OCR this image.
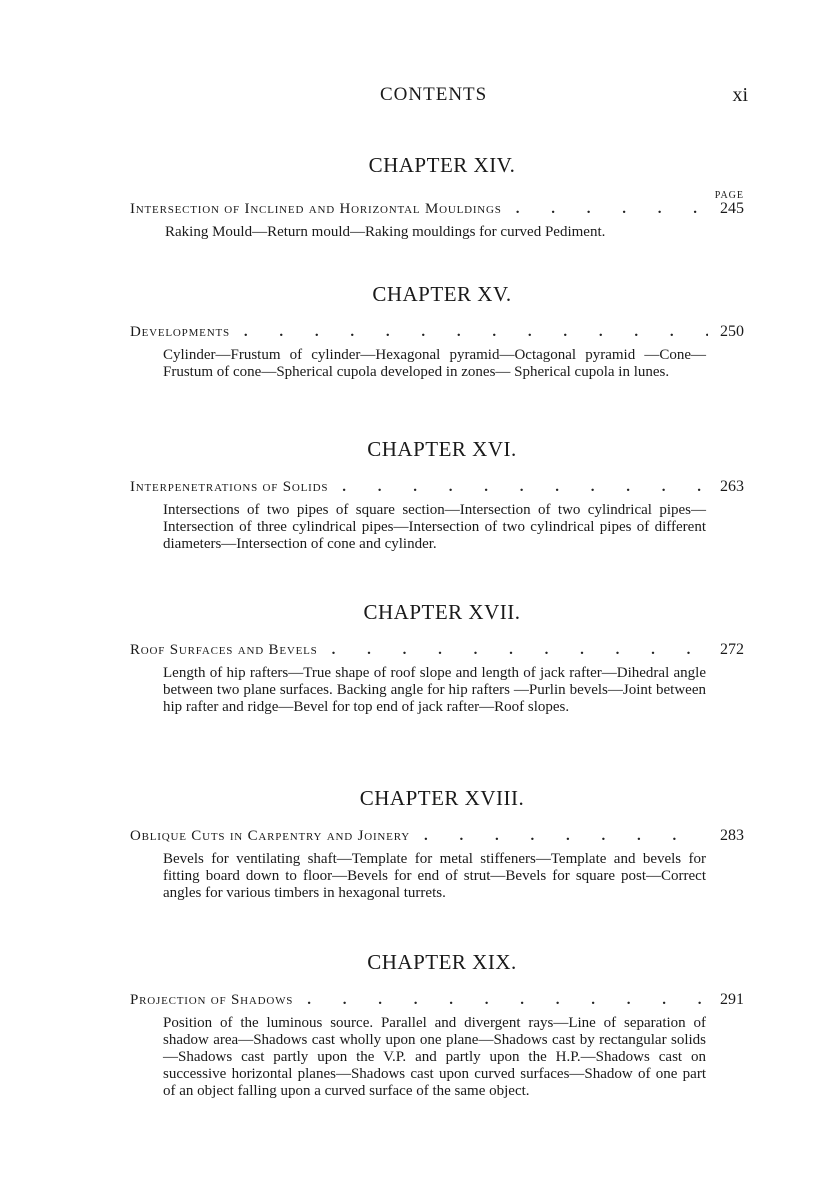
CONTENTS	xi
CHAPTER XIV.
PAGE
Intersection of Inclined and Horizontal Mouldings . . .	245
Raking Mould—Return mould—Raking mouldings for curved Pediment.
CHAPTER XV.
Developments . . .	250
Cylinder—Frustum of cylinder—Hexagonal pyramid—Octagonal pyramid —Cone—Frustum of cone—Spherical cupola developed in zones— Spherical cupola in lunes.
CHAPTER XVI.
Interpenetrations of Solids . . .	263
Intersections of two pipes of square section—Intersection of two cylindrical pipes—Intersection of three cylindrical pipes—Intersection of two cylindrical pipes of different diameters—Intersection of cone and cylinder.
CHAPTER XVII.
Roof Surfaces and Bevels . . .	272
Length of hip rafters—True shape of roof slope and length of jack rafter—Dihedral angle between two plane surfaces. Backing angle for hip rafters —Purlin bevels—Joint between hip rafter and ridge—Bevel for top end of jack rafter—Roof slopes.
CHAPTER XVIII.
Oblique Cuts in Carpentry and Joinery . . .	283
Bevels for ventilating shaft—Template for metal stiffeners—Template and bevels for fitting board down to floor—Bevels for end of strut—Bevels for square post—Correct angles for various timbers in hexagonal turrets.
CHAPTER XIX.
Projection of Shadows . . .	291
Position of the luminous source. Parallel and divergent rays—Line of separation of shadow area—Shadows cast wholly upon one plane—Shadows cast by rectangular solids—Shadows cast partly upon the V.P. and partly upon the H.P.—Shadows cast on successive horizontal planes—Shadows cast upon curved surfaces—Shadow of one part of an object falling upon a curved surface of the same object.
